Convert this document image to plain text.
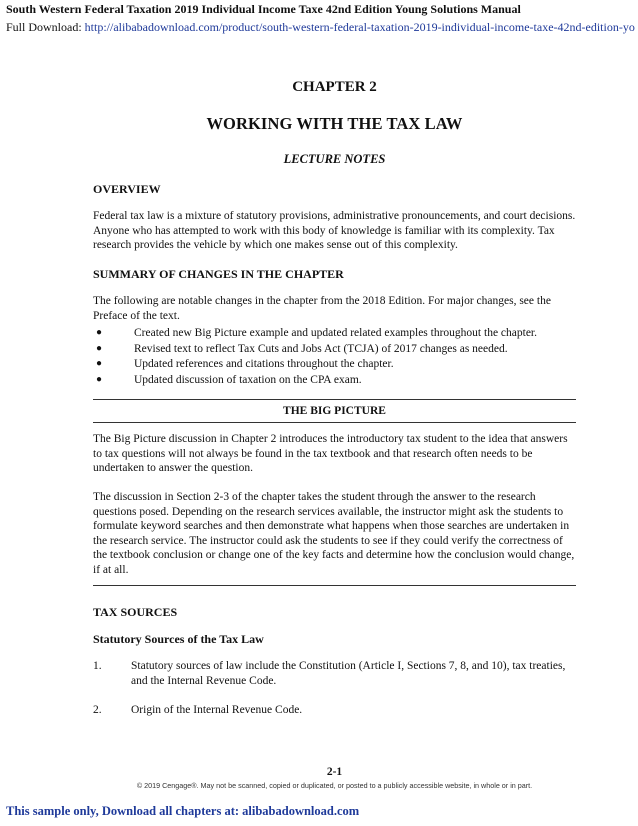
South Western Federal Taxation 2019 Individual Income Taxe 42nd Edition Young Solutions Manual
Full Download: http://alibabadownload.com/product/south-western-federal-taxation-2019-individual-income-taxe-42nd-edition-yo
CHAPTER 2
WORKING WITH THE TAX LAW
LECTURE NOTES
OVERVIEW

Federal tax law is a mixture of statutory provisions, administrative pronouncements, and court decisions. Anyone who has attempted to work with this body of knowledge is familiar with its complexity. Tax research provides the vehicle by which one makes sense out of this complexity.

SUMMARY OF CHANGES IN THE CHAPTER

The following are notable changes in the chapter from the 2018 Edition. For major changes, see the Preface of the text.

●	Created new Big Picture example and updated related examples throughout the chapter.
●	Revised text to reflect Tax Cuts and Jobs Act (TCJA) of 2017 changes as needed.
●	Updated references and citations throughout the chapter.
●	Updated discussion of taxation on the CPA exam.
THE BIG PICTURE

The Big Picture discussion in Chapter 2 introduces the introductory tax student to the idea that answers to tax questions will not always be found in the tax textbook and that research often needs to be undertaken to answer the question.

The discussion in Section 2-3 of the chapter takes the student through the answer to the research questions posed. Depending on the research services available, the instructor might ask the students to formulate keyword searches and then demonstrate what happens when those searches are undertaken in the research service. The instructor could ask the students to see if they could verify the correctness of the textbook conclusion or change one of the key facts and determine how the conclusion would change, if at all.

TAX SOURCES
Statutory Sources of the Tax Law
1.	Statutory sources of law include the Constitution (Article I, Sections 7, 8, and 10), tax treaties, and the Internal Revenue Code.
2.	Origin of the Internal Revenue Code.
2-1
© 2019 Cengage®. May not be scanned, copied or duplicated, or posted to a publicly accessible website, in whole or in part.
This sample only, Download all chapters at: alibabadownload.com
